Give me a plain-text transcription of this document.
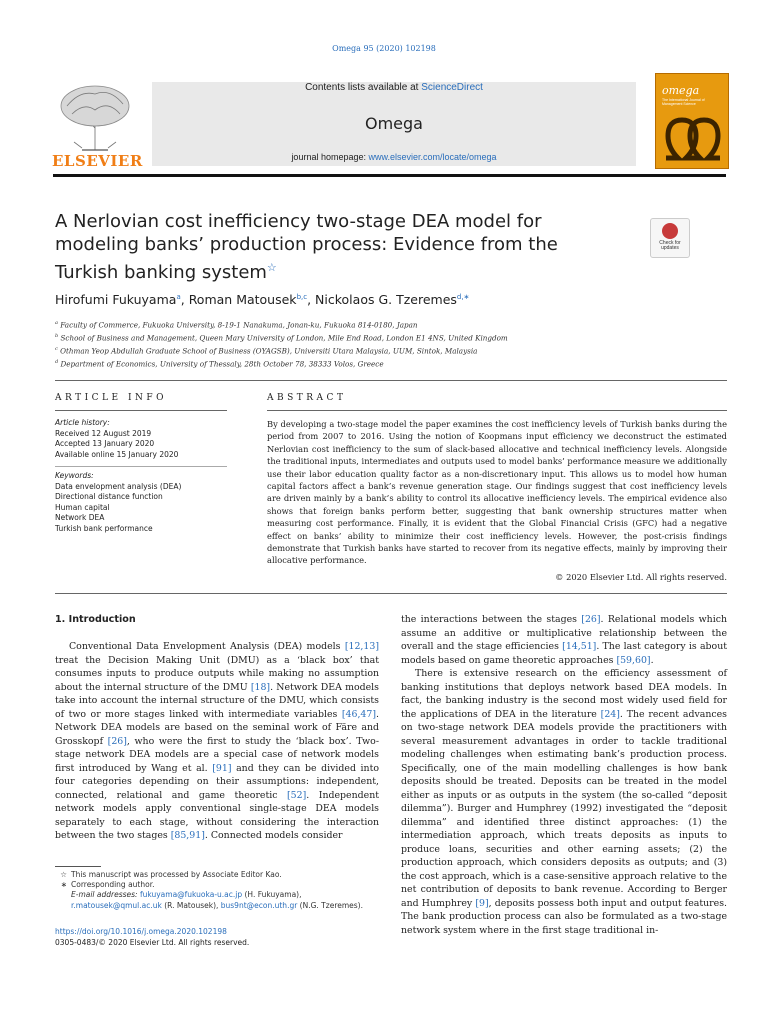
Omega 95 (2020) 102198
ELSEVIER
Contents lists available at ScienceDirect
Omega
journal homepage: www.elsevier.com/locate/omega
omega
The International Journal of Management Science
A Nerlovian cost inefficiency two-stage DEA model for modeling banks’ production process: Evidence from the Turkish banking system☆
Check for updates
Hirofumi Fukuyama$^a$, Roman Matousek$^{b,c}$, Nickolaos G. Tzeremes$^{d,∗}$
$^a$ Faculty of Commerce, Fukuoka University, 8-19-1 Nanakuma, Jonan-ku, Fukuoka 814-0180, Japan
$^b$ School of Business and Management, Queen Mary University of London, Mile End Road, London E1 4NS, United Kingdom
$^c$ Othman Yeop Abdullah Graduate School of Business (OYAGSB), Universiti Utara Malaysia, UUM, Sintok, Malaysia
$^d$ Department of Economics, University of Thessaly, 28th October 78, 38333 Volos, Greece
ARTICLE INFO
Article history:
Received 12 August 2019
Accepted 13 January 2020
Available online 15 January 2020
Keywords:
Data envelopment analysis (DEA)
Directional distance function
Human capital
Network DEA
Turkish bank performance
ABSTRACT
By developing a two-stage model the paper examines the cost inefficiency levels of Turkish banks during the period from 2007 to 2016. Using the notion of Koopmans input efficiency we deconstruct the estimated Nerlovian cost inefficiency to the sum of slack-based allocative and technical inefficiency levels. Alongside the traditional inputs, intermediates and outputs used to model banks’ performance measure we additionally use their labor education quality factor as a non-discretionary input. This allows us to model how human capital factors affect a bank’s revenue generation stage. Our findings suggest that cost inefficiency levels are driven mainly by a bank’s ability to control its allocative inefficiency levels. The empirical evidence also shows that foreign banks perform better, suggesting that bank ownership structures matter when measuring cost performance. Finally, it is evident that the Global Financial Crisis (GFC) had a negative effect on banks’ ability to minimize their cost inefficiency levels. However, the post-crisis findings demonstrate that Turkish banks have started to recover from its negative effects, mainly by improving their allocative performance.
© 2020 Elsevier Ltd. All rights reserved.
1. Introduction

Conventional Data Envelopment Analysis (DEA) models [12,13] treat the Decision Making Unit (DMU) as a ‘black box’ that consumes inputs to produce outputs while making no assumption about the internal structure of the DMU [18]. Network DEA models take into account the internal structure of the DMU, which consists of two or more stages linked with intermediate variables [46,47]. Network DEA models are based on the seminal work of Färe and Grosskopf [26], who were the first to study the ‘black box’. Two-stage network DEA models are a special case of network models first introduced by Wang et al. [91] and they can be divided into four categories depending on their assumptions: independent, connected, relational and game theoretic [52]. Independent network models apply conventional single-stage DEA models separately to each stage, without considering the interaction between the two stages [85,91]. Connected models consider

the interactions between the stages [26]. Relational models which assume an additive or multiplicative relationship between the overall and the stage efficiencies [14,51]. The last category is about models based on game theoretic approaches [59,60].

There is extensive research on the efficiency assessment of banking institutions that deploys network based DEA models. In fact, the banking industry is the second most widely used field for the applications of DEA in the literature [24]. The recent advances on two-stage network DEA models provide the practitioners with several measurement advantages in order to tackle traditional modeling challenges when estimating bank’s production process. Specifically, one of the main modelling challenges is how bank deposits should be treated. Deposits can be treated in the model either as inputs or as outputs in the system (the so-called “deposit dilemma”). Burger and Humphrey (1992) investigated the “deposit dilemma” and identified three distinct approaches: (1) the intermediation approach, which treats deposits as inputs to produce loans, securities and other earning assets; (2) the production approach, which considers deposits as outputs; and (3) the cost approach, which is a case-sensitive approach relative to the net contribution of deposits to bank revenue. According to Berger and Humphrey [9], deposits possess both input and output features. The bank production process can also be formulated as a two-stage network system where in the first stage traditional in-

☆ This manuscript was processed by Associate Editor Kao.
∗ Corresponding author.
E-mail addresses: fukuyama@fukuoka-u.ac.jp (H. Fukuyama), r.matousek@qmul.ac.uk (R. Matousek), bus9nt@econ.uth.gr (N.G. Tzeremes).
https://doi.org/10.1016/j.omega.2020.102198
0305-0483/© 2020 Elsevier Ltd. All rights reserved.
